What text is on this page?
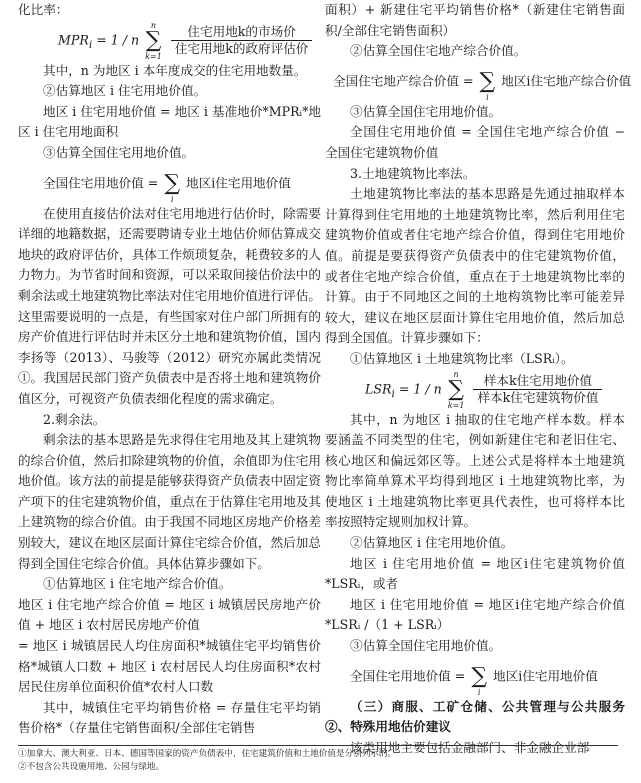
化比率：

$MPR_i = 1 / n$
n
∑
k=1
$\frac{\text{住宅用地k的市场价}}{\text{住宅用地k的政府评估价}}$

其中，n 为地区 i 本年度成交的住宅用地数量。

②估算地区 i 住宅用地价值。

地区 i 住宅用地价值 = 地区 i 基准地价*MPRᵢ*地区 i 住宅用地面积

③估算全国住宅用地价值。

全国住宅用地价值 =
∑
i
地区i住宅用地价值

在使用直接估价法对住宅用地进行估价时，除需要详细的地籍数据，还需要聘请专业土地估价师估算成交地块的政府评估价，具体工作烦琐复杂，耗费较多的人力物力。为节省时间和资源，可以采取间接估价法中的剩余法或土地建筑物比率法对住宅用地价值进行评估。这里需要说明的一点是，有些国家对住户部门所拥有的房产价值进行评估时并未区分土地和建筑物价值，国内李扬等（2013）、马骏等（2012）研究亦属此类情况①。我国居民部门资产负债表中是否将土地和建筑物价值区分，可视资产负债表细化程度的需求确定。

2.剩余法。

剩余法的基本思路是先求得住宅用地及其上建筑物的综合价值，然后扣除建筑物的价值，余值即为住宅用地价值。该方法的前提是能够获得资产负债表中固定资产项下的住宅建筑物价值，重点在于估算住宅用地及其上建筑物的综合价值。由于我国不同地区房地产价格差别较大，建议在地区层面计算住宅综合价值，然后加总得到全国住宅综合价值。具体估算步骤如下。

①估算地区 i 住宅地产综合价值。

地区 i 住宅地产综合价值 = 地区 i 城镇居民房地产价值 + 地区 i 农村居民房地产价值

= 地区 i 城镇居民人均住房面积*城镇住宅平均销售价格*城镇人口数 + 地区 i 农村居民人均住房面积*农村居民住房单位面积价值*农村人口数

其中，城镇住宅平均销售价格 = 存量住宅平均销售价格*（存量住宅销售面积/全部住宅销售

面积）+ 新建住宅平均销售价格*（新建住宅销售面积/全部住宅销售面积）

②估算全国住宅地产综合价值。

全国住宅地产综合价值 =
∑
i
地区i住宅地产综合价值

③估算全国住宅用地价值。

全国住宅用地价值 = 全国住宅地产综合价值 − 全国住宅建筑物价值

3.土地建筑物比率法。

土地建筑物比率法的基本思路是先通过抽取样本计算得到住宅用地的土地建筑物比率，然后利用住宅建筑物价值或者住宅地产综合价值，得到住宅用地价值。前提是要获得资产负债表中的住宅建筑物价值，或者住宅地产综合价值，重点在于土地建筑物比率的计算。由于不同地区之间的土地构筑物比率可能差异较大，建议在地区层面计算住宅用地价值，然后加总得到全国值。计算步骤如下：

①估算地区 i 土地建筑物比率（LSRᵢ）。

$LSR_i = 1 / n$
n
∑
k=1
$\frac{\text{样本k住宅用地价值}}{\text{样本k住宅建筑物价值}}$

其中，n 为地区 i 抽取的住宅地产样本数。样本要涵盖不同类型的住宅，例如新建住宅和老旧住宅、核心地区和偏远郊区等。上述公式是将样本土地建筑物比率简单算术平均得到地区 i 土地建筑物比率，为使地区 i 土地建筑物比率更具代表性，也可将样本比率按照特定规则加权计算。

②估算地区 i 住宅用地价值。

地区 i 住宅用地价值 = 地区i住宅建筑物价值*LSRᵢ，或者

地区 i 住宅用地价值 = 地区i住宅地产综合价值*LSRᵢ /（1 + LSRᵢ）

③估算全国住宅用地价值。

全国住宅用地价值 =
∑
i
地区i住宅用地价值

（三）商服、工矿仓储、公共管理与公共服务②、特殊用地估价建议

该类用地主要包括金融部门、非金融企业部

①加拿大、澳大利亚、日本、德国等国家的资产负债表中，住宅建筑价值和土地价值是分别列示的。

②不包含公共设施用地、公园与绿地。
